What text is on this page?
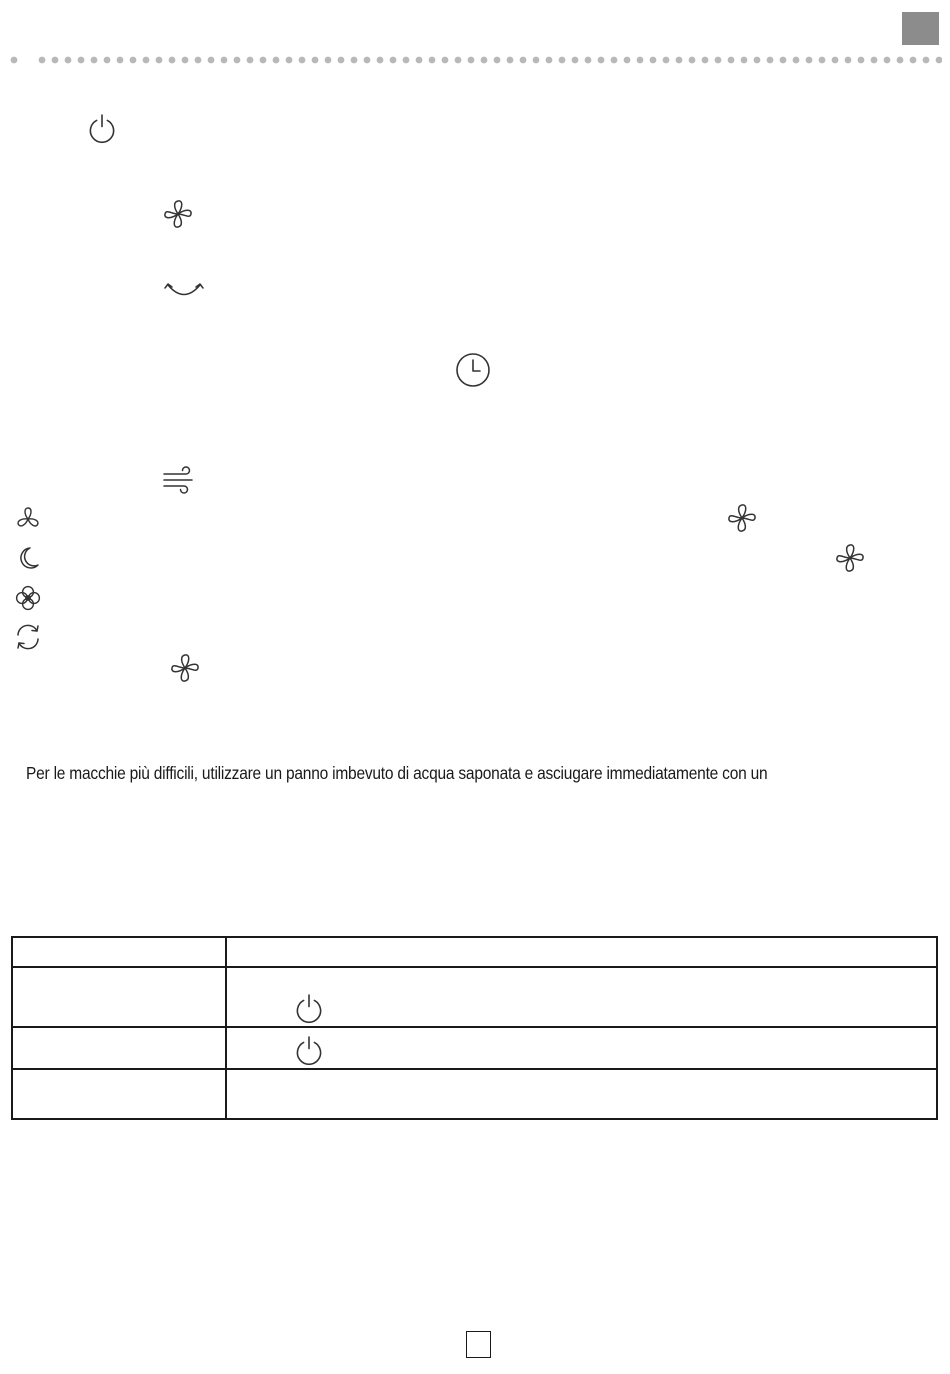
Per le macchie più difficili, utilizzare un panno imbevuto di acqua saponata e asciugare immediatamente con un
